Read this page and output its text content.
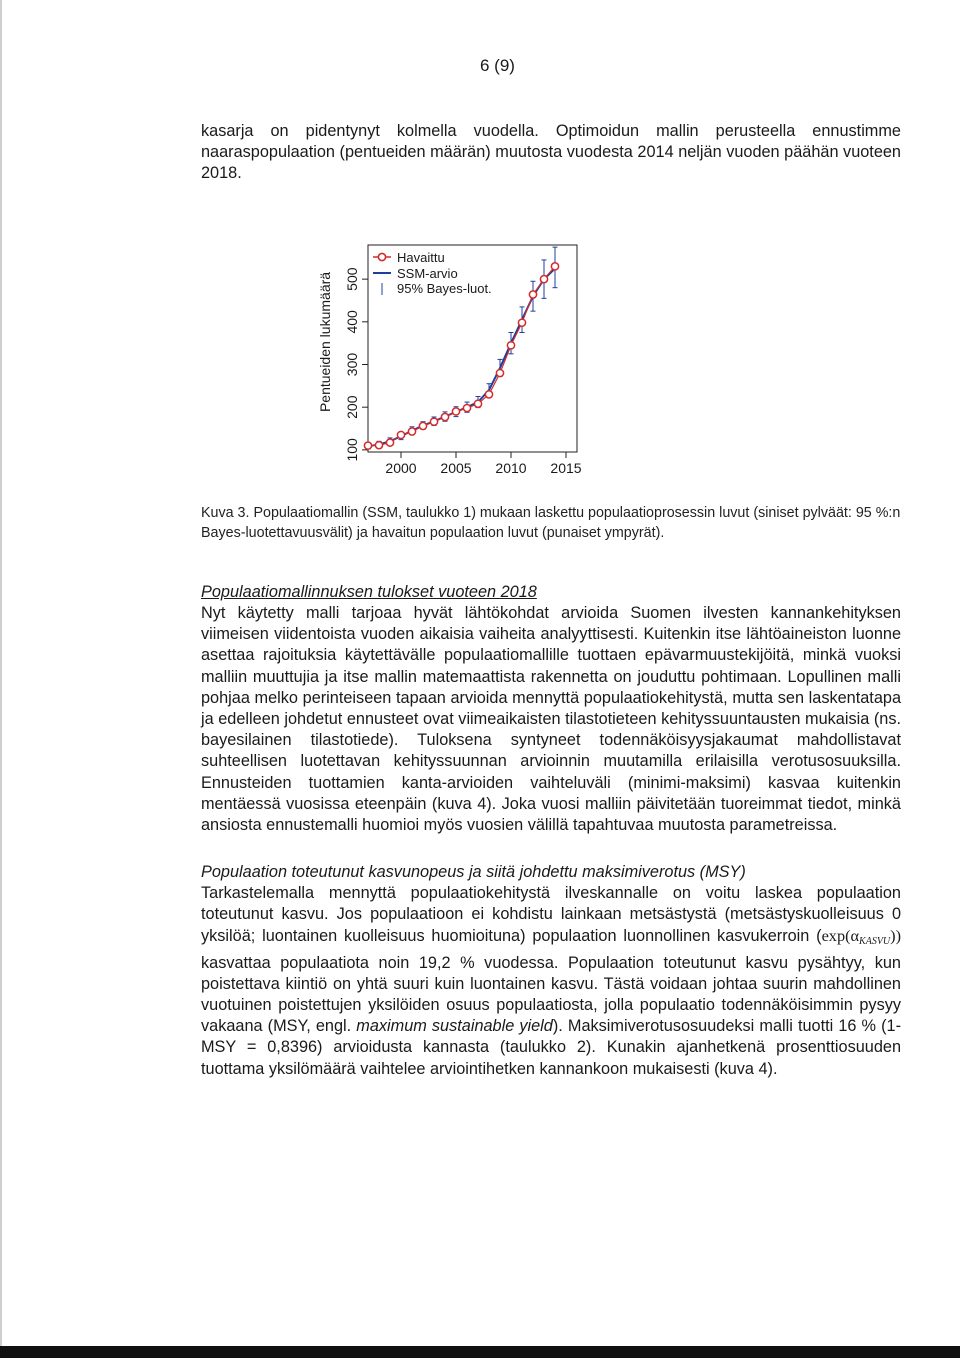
6 (9)

kasarja on pidentynyt kolmella vuodella. Optimoidun mallin perusteella ennustimme naaraspopulaation (pentueiden määrän) muutosta vuodesta 2014 neljän vuoden päähän vuoteen 2018.

Pentueiden lukumäärä
2000 2005 2010 2015
100
200
300
400
500
Havaittu
SSM-arvio
95% Bayes-luot.
Kuva 3. Populaatiomallin (SSM, taulukko 1) mukaan laskettu populaatioprosessin luvut (siniset pylväät: 95 %:n Bayes-luotettavuusvälit) ja havaitun populaation luvut (punaiset ympyrät).
Populaatiomallinnuksen tulokset vuoteen 2018

Nyt käytetty malli tarjoaa hyvät lähtökohdat arvioida Suomen ilvesten kannankehityksen viimeisen viidentoista vuoden aikaisia vaiheita analyyttisesti. Kuitenkin itse lähtöaineiston luonne asettaa rajoituksia käytettävälle populaatiomallille tuottaen epävarmuustekijöitä, minkä vuoksi malliin muuttujia ja itse mallin matemaattista rakennetta on jouduttu pohtimaan. Lopullinen malli pohjaa melko perinteiseen tapaan arvioida mennyttä populaatiokehitystä, mutta sen laskentatapa ja edelleen johdetut ennusteet ovat viimeaikaisten tilastotieteen kehityssuuntausten mukaisia (ns. bayesilainen tilastotiede). Tuloksena syntyneet todennäköisyysjakaumat mahdollistavat suhteellisen luotettavan kehityssuunnan arvioinnin muutamilla erilaisilla verotusosuuksilla. Ennusteiden tuottamien kanta-arvioiden vaihteluväli (minimi-maksimi) kasvaa kuitenkin mentäessä vuosissa eteenpäin (kuva 4). Joka vuosi malliin päivitetään tuoreimmat tiedot, minkä ansiosta ennustemalli huomioi myös vuosien välillä tapahtuvaa muutosta parametreissa.

Populaation toteutunut kasvunopeus ja siitä johdettu maksimiverotus (MSY)

Tarkastelemalla mennyttä populaatiokehitystä ilveskannalle on voitu laskea populaation toteutunut kasvu. Jos populaatioon ei kohdistu lainkaan metsästystä (metsästyskuolleisuus 0 yksilöä; luontainen kuolleisuus huomioituna) populaation luonnollinen kasvukerroin $(\exp(\alpha_{KASVU}))$ kasvattaa populaatiota noin 19,2 % vuodessa. Populaation toteutunut kasvu pysähtyy, kun poistettava kiintiö on yhtä suuri kuin luontainen kasvu. Tästä voidaan johtaa suurin mahdollinen vuotuinen poistettujen yksilöiden osuus populaatiosta, jolla populaatio todennäköisimmin pysyy vakaana (MSY, engl. maximum sustainable yield). Maksimiverotusosuudeksi malli tuotti 16 % (1-MSY = 0,8396) arvioidusta kannasta (taulukko 2). Kunakin ajanhetkenä prosenttiosuuden tuottama yksilömäärä vaihtelee arviointihetken kannankoon mukaisesti (kuva 4).
